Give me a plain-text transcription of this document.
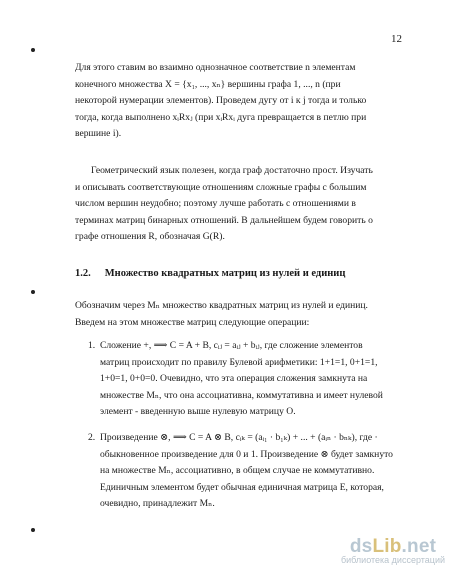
12
Для этого ставим во взаимно однозначное соответствие n элементам
конечного множества X = {x₁, ..., xₙ} вершины графа 1, ..., n (при
некоторой нумерации элементов). Проведем дугу от i к j тогда и только
тогда, когда выполнено xᵢRxⱼ (при xᵢRxᵢ дуга превращается в петлю при
вершине i).
Геометрический язык полезен, когда граф достаточно прост. Изучать
и описывать соответствующие отношениям сложные графы с большим
числом вершин неудобно; поэтому лучше работать с отношениями в
терминах матриц бинарных отношений. В дальнейшем будем говорить о
графе отношения R, обозначая G(R).
1.2. Множество квадратных матриц из нулей и единиц
Обозначим через Mₙ множество квадратных матриц из нулей и единиц.
Введем на этом множестве матриц следующие операции:
1. Сложение +, ⟹ C = A + B, cᵢⱼ = aᵢⱼ + bᵢⱼ, где сложение элементов
матриц происходит по правилу Булевой арифметики: 1+1=1, 0+1=1,
1+0=1, 0+0=0. Очевидно, что эта операция сложения замкнута на
множестве Mₙ, что она ассоциативна, коммутативна и имеет нулевой
элемент - введенную выше нулевую матрицу O.
2. Произведение ⊗, ⟹ C = A ⊗ B, cᵢₖ = (aᵢ₁ · b₁ₖ) + ... + (aᵢₙ · bₙₖ), где ·
обыкновенное произведение для 0 и 1. Произведение ⊗ будет замкнуто
на множестве Mₙ, ассоциативно, в общем случае не коммутативно.
Единичным элементом будет обычная единичная матрица E, которая,
очевидно, принадлежит Mₙ.
dsLib.net
библиотека диссертаций
